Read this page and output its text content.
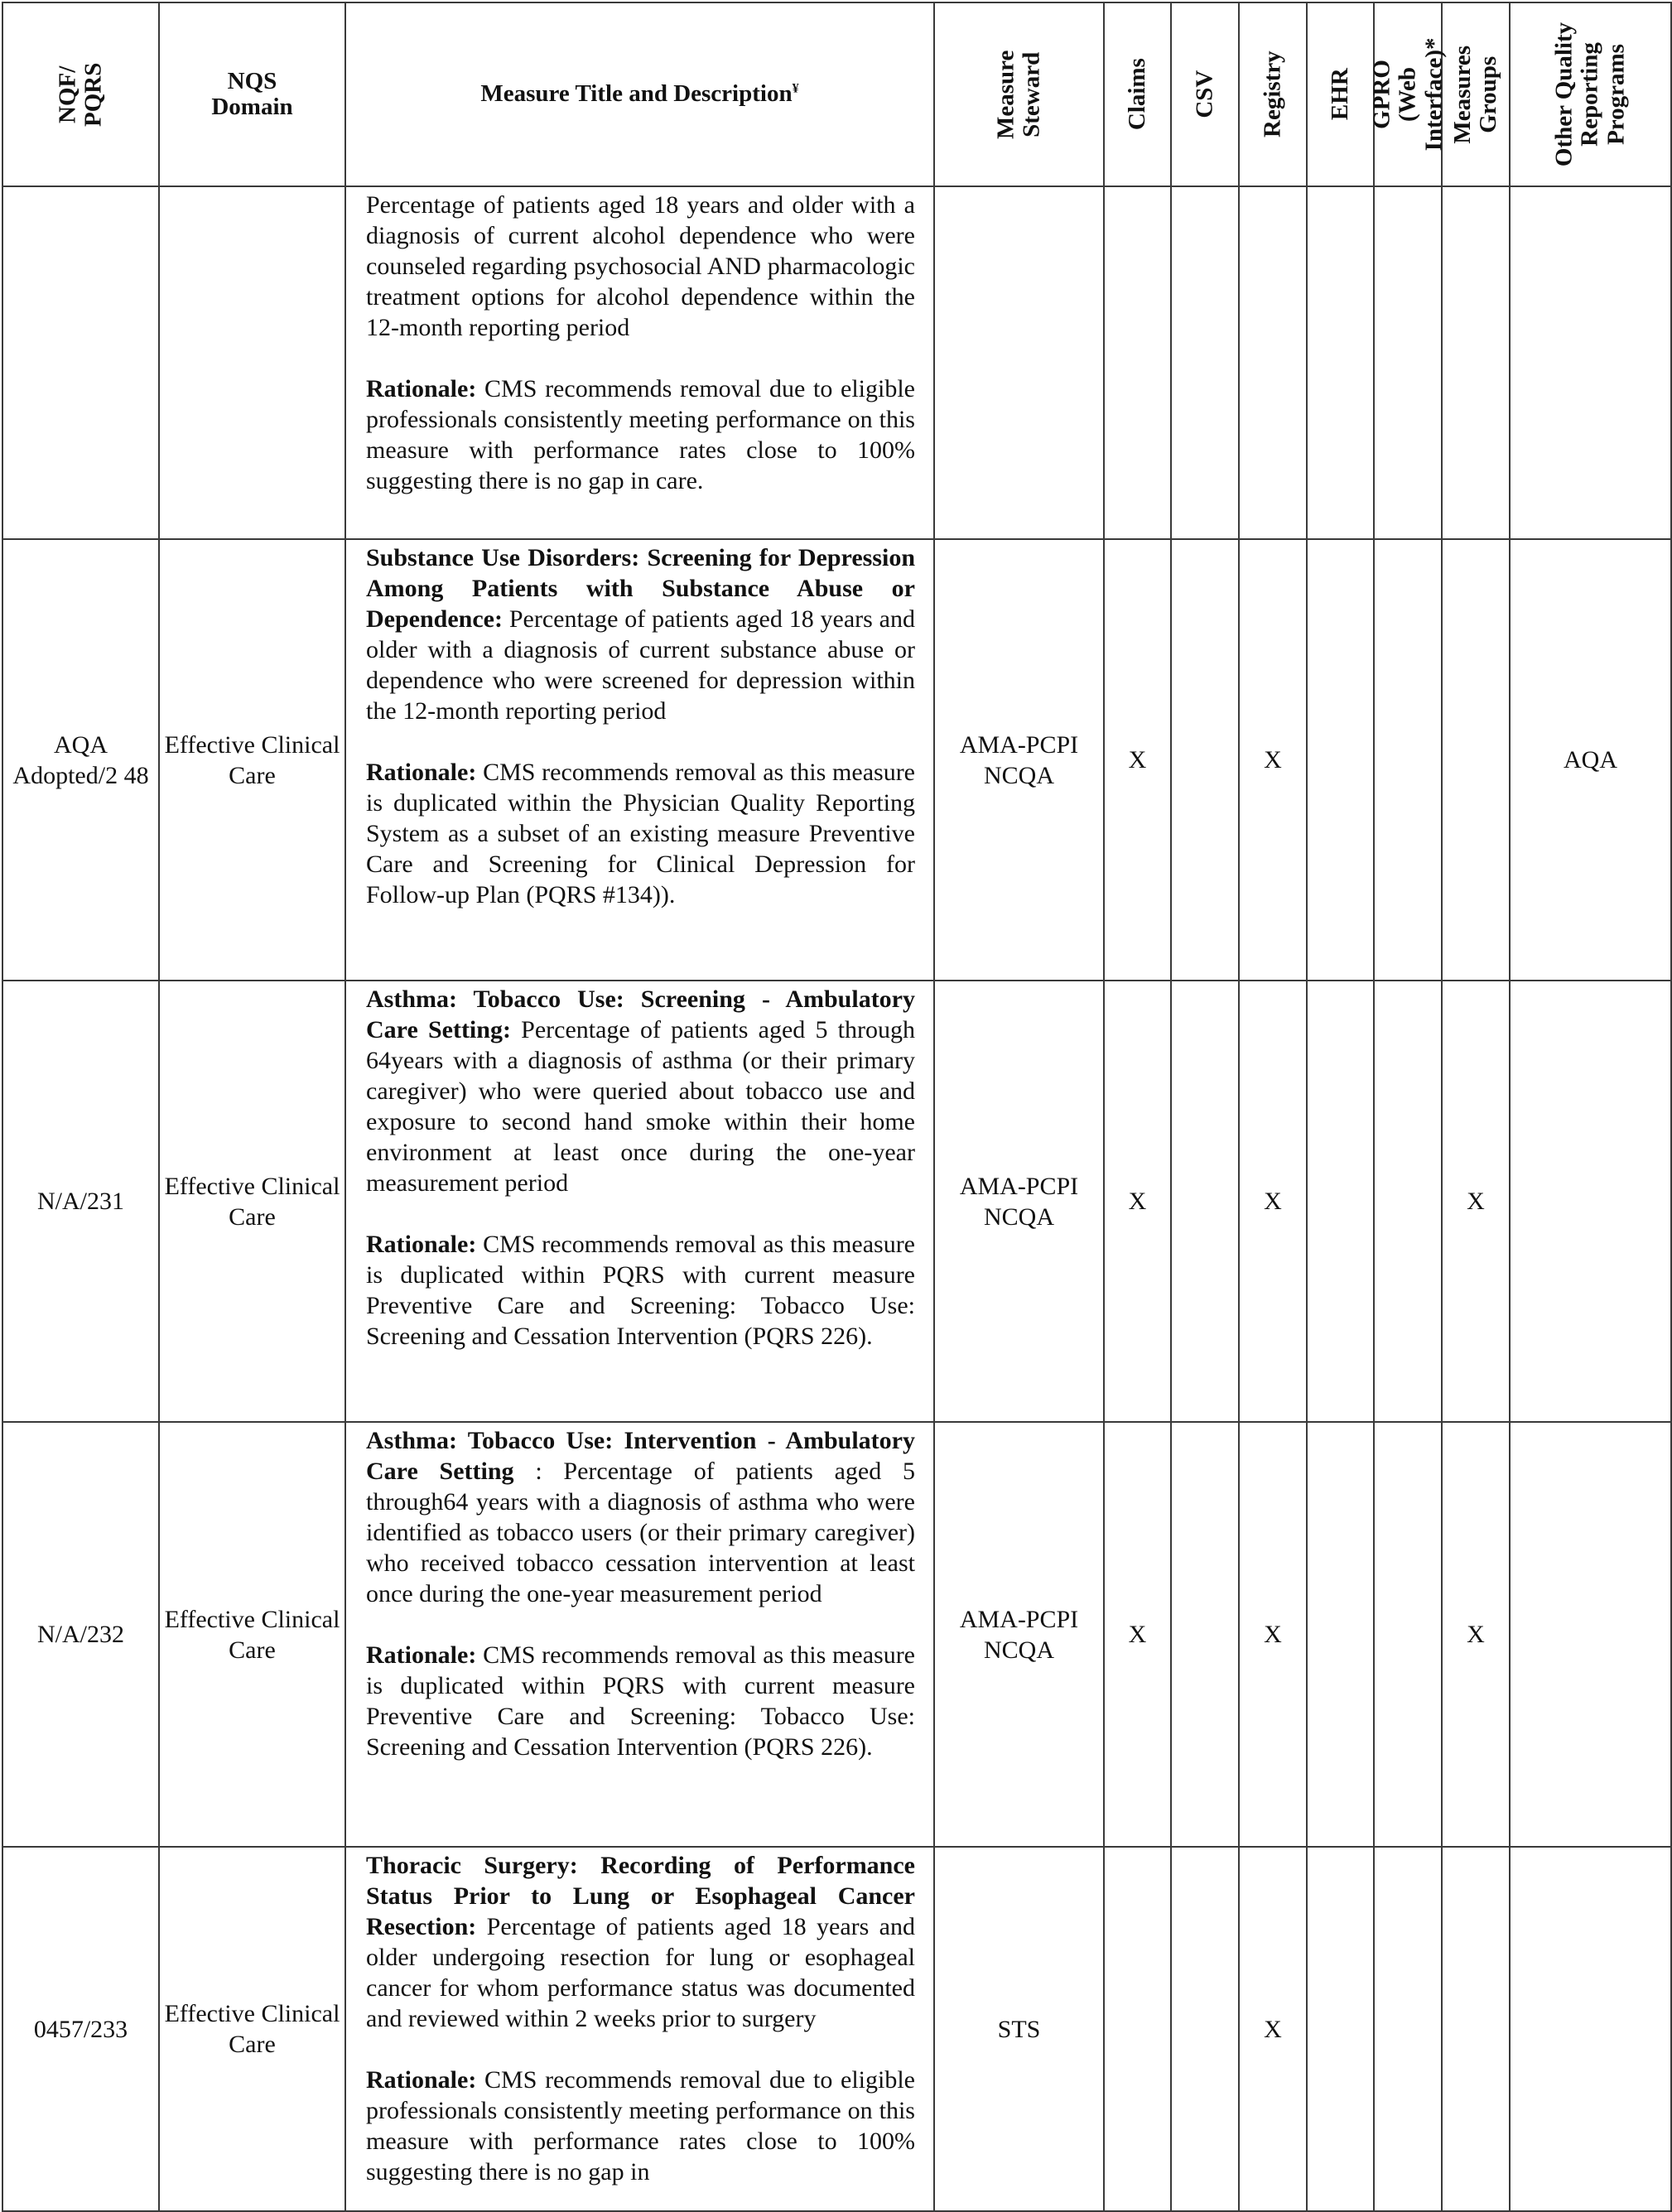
NQF/ PQRS	NQS Domain	Measure Title and Description¥	Measure Steward	Claims	CSV	Registry	EHR	GPRO (Web Interface)*	Measures Groups	Other Quality Reporting Programs

		Percentage of patients aged 18 years and older with a diagnosis of current alcohol dependence who were counseled regarding psychosocial AND pharmacologic treatment options for alcohol dependence within the 12-month reporting period

Rationale: CMS recommends removal due to eligible professionals consistently meeting performance on this measure with performance rates close to 100% suggesting there is no gap in care.								

AQA Adopted/2 48	Effective Clinical Care	Substance Use Disorders: Screening for Depression Among Patients with Substance Abuse or Dependence: Percentage of patients aged 18 years and older with a diagnosis of current substance abuse or dependence who were screened for depression within the 12-month reporting period

Rationale: CMS recommends removal as this measure is duplicated within the Physician Quality Reporting System as a subset of an existing measure Preventive Care and Screening for Clinical Depression for Follow-up Plan (PQRS #134)).	AMA-PCPI NCQA	X		X				AQA
N/A/231	Effective Clinical Care	Asthma: Tobacco Use: Screening - Ambulatory Care Setting: Percentage of patients aged 5 through 64years with a diagnosis of asthma (or their primary caregiver) who were queried about tobacco use and exposure to second hand smoke within their home environment at least once during the one-year measurement period

Rationale: CMS recommends removal as this measure is duplicated within PQRS with current measure Preventive Care and Screening: Tobacco Use: Screening and Cessation Intervention (PQRS 226).	AMA-PCPI NCQA	X		X			X	
N/A/232	Effective Clinical Care	Asthma: Tobacco Use: Intervention - Ambulatory Care Setting : Percentage of patients aged 5 through64 years with a diagnosis of asthma who were identified as tobacco users (or their primary caregiver) who received tobacco cessation intervention at least once during the one-year measurement period

Rationale: CMS recommends removal as this measure is duplicated within PQRS with current measure Preventive Care and Screening: Tobacco Use: Screening and Cessation Intervention (PQRS 226).	AMA-PCPI NCQA	X		X			X	
0457/233	Effective Clinical Care	Thoracic Surgery: Recording of Performance Status Prior to Lung or Esophageal Cancer Resection: Percentage of patients aged 18 years and older undergoing resection for lung or esophageal cancer for whom performance status was documented and reviewed within 2 weeks prior to surgery

Rationale: CMS recommends removal due to eligible professionals consistently meeting performance on this measure with performance rates close to 100% suggesting there is no gap in	STS			X				
